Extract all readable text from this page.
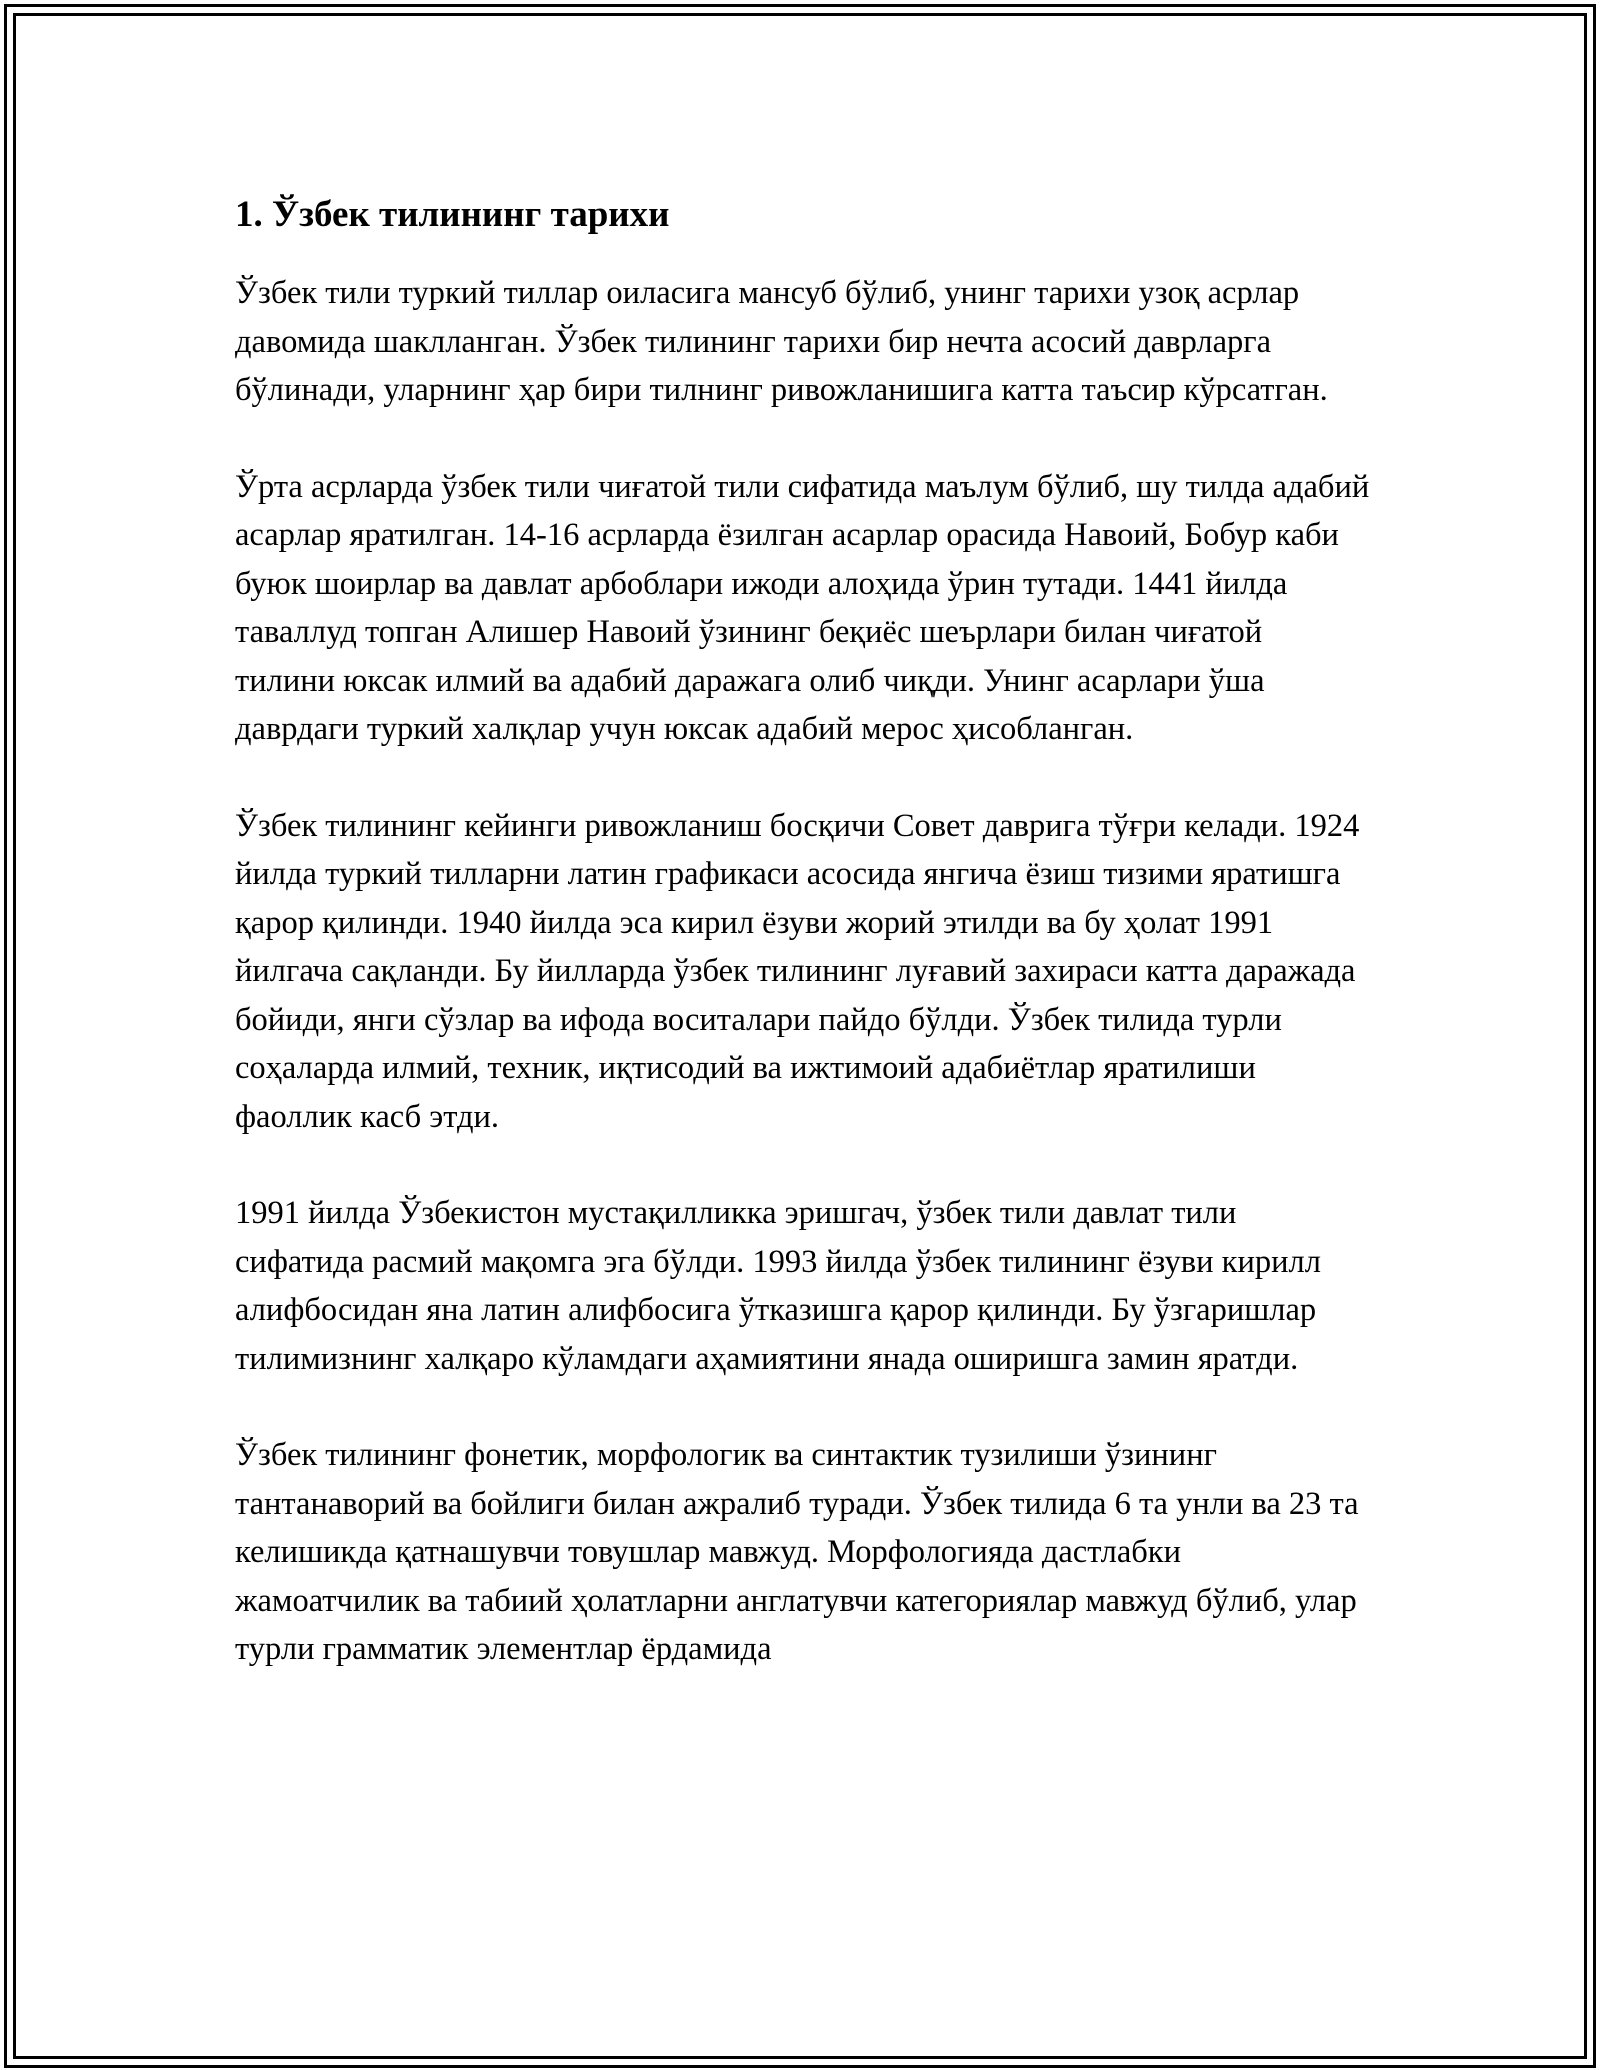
1. Ўзбек тилининг тарихи

Ўзбек тили туркий тиллар оиласига мансуб бўлиб, унинг тарихи узоқ асрлар давомида шаклланган. Ўзбек тилининг тарихи бир нечта асосий даврларга бўлинади, уларнинг ҳар бири тилнинг ривожланишига катта таъсир кўрсатган.

Ўрта асрларда ўзбек тили чиғатой тили сифатида маълум бўлиб, шу тилда адабий асарлар яратилган. 14-16 асрларда ёзилган асарлар орасида Навоий, Бобур каби буюк шоирлар ва давлат арбоблари ижоди алоҳида ўрин тутади. 1441 йилда таваллуд топган Алишер Навоий ўзининг беқиёс шеърлари билан чиғатой тилини юксак илмий ва адабий даражага олиб чиқди. Унинг асарлари ўша даврдаги туркий халқлар учун юксак адабий мерос ҳисобланган.

Ўзбек тилининг кейинги ривожланиш босқичи Совет даврига тўғри келади. 1924 йилда туркий тилларни латин графикаси асосида янгича ёзиш тизими яратишга қарор қилинди. 1940 йилда эса кирил ёзуви жорий этилди ва бу ҳолат 1991 йилгача сақланди. Бу йилларда ўзбек тилининг луғавий захираси катта даражада бойиди, янги сўзлар ва ифода воситалари пайдо бўлди. Ўзбек тилида турли соҳаларда илмий, техник, иқтисодий ва ижтимоий адабиётлар яратилиши фаоллик касб этди.

1991 йилда Ўзбекистон мустақилликка эришгач, ўзбек тили давлат тили сифатида расмий мақомга эга бўлди. 1993 йилда ўзбек тилининг ёзуви кирилл алифбосидан яна латин алифбосига ўтказишга қарор қилинди. Бу ўзгаришлар тилимизнинг халқаро кўламдаги аҳамиятини янада оширишга замин яратди.

Ўзбек тилининг фонетик, морфологик ва синтактик тузилиши ўзининг тантанаворий ва бойлиги билан ажралиб туради. Ўзбек тилида 6 та унли ва 23 та келишикда қатнашувчи товушлар мавжуд. Морфологияда дастлабки жамоатчилик ва табиий ҳолатларни англатувчи категориялар мавжуд бўлиб, улар турли грамматик элементлар ёрдамида
